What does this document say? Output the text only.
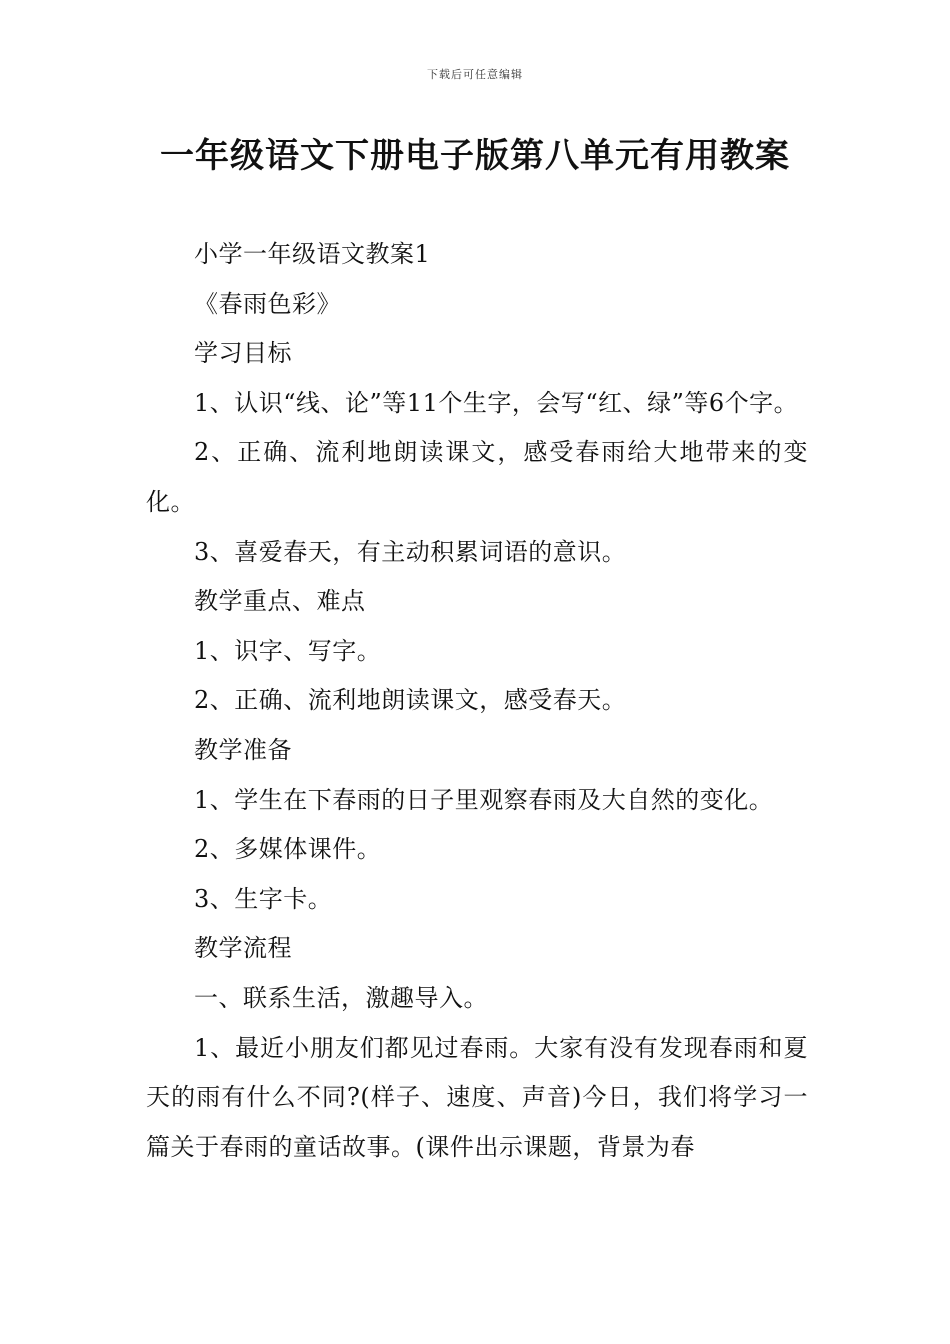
下载后可任意编辑
一年级语文下册电子版第八单元有用教案

小学一年级语文教案1

《春雨色彩》

学习目标

1、认识“线、论”等11个生字，会写“红、绿”等6个字。

2、正确、流利地朗读课文，感受春雨给大地带来的变化。

3、喜爱春天，有主动积累词语的意识。

教学重点、难点

1、识字、写字。

2、正确、流利地朗读课文，感受春天。

教学准备

1、学生在下春雨的日子里观察春雨及大自然的变化。

2、多媒体课件。

3、生字卡。

教学流程

一、联系生活，激趣导入。

1、最近小朋友们都见过春雨。大家有没有发现春雨和夏天的雨有什么不同?(样子、速度、声音)今日，我们将学习一篇关于春雨的童话故事。(课件出示课题，背景为春
